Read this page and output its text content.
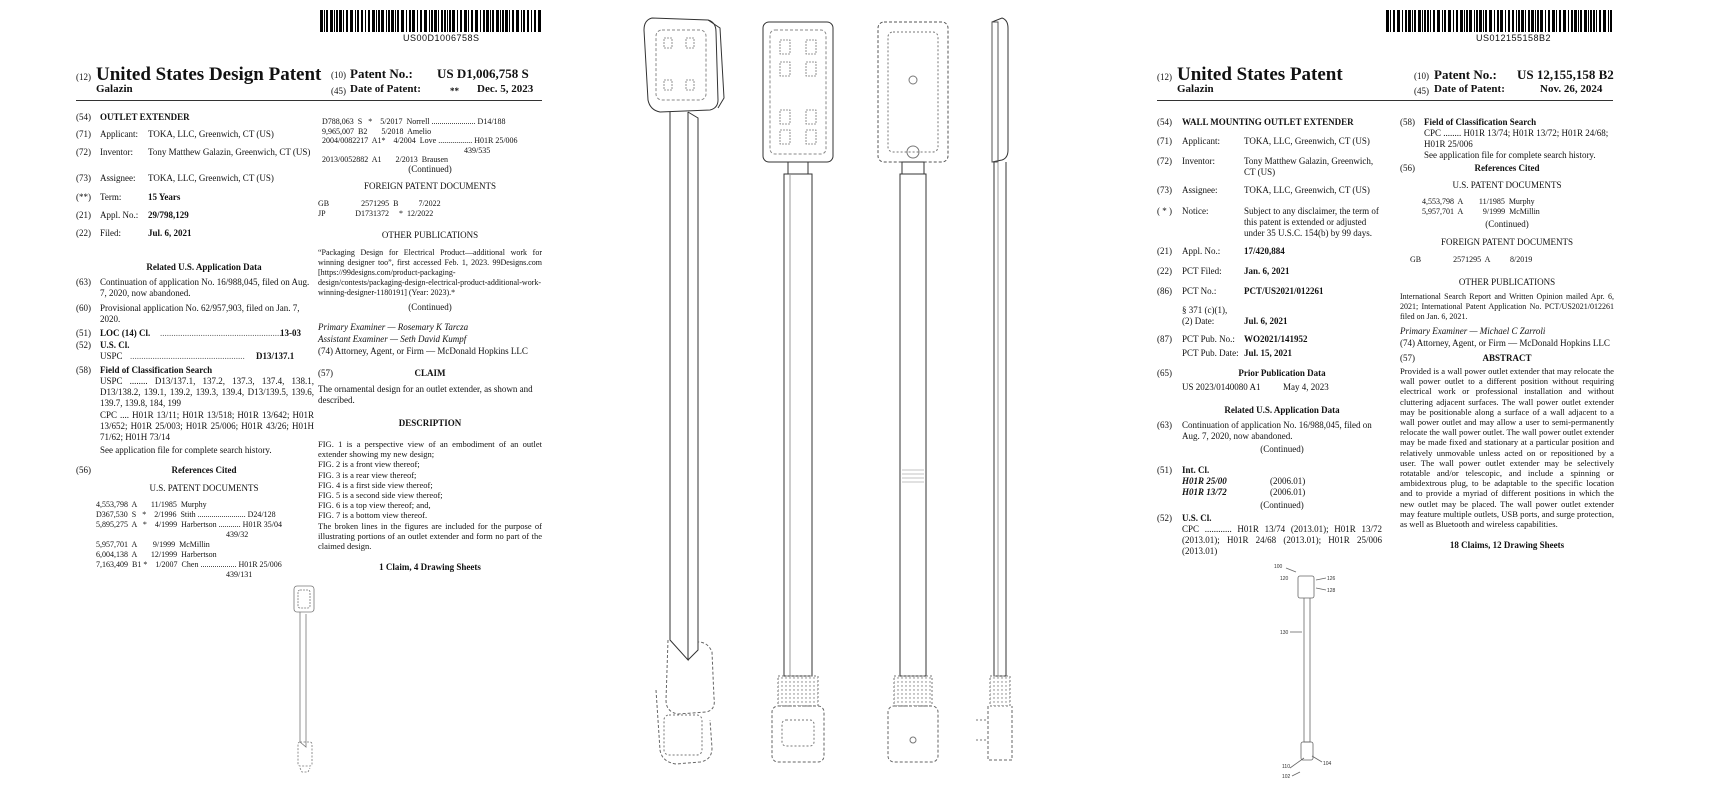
US00D1006758S
(12) United States Design Patent (10) Patent No.: US D1,006,758 S
Galazin	(45) Date of Patent:	** Dec. 5, 2023
(54) OUTLET EXTENDER
(71) Applicant: TOKA, LLC, Greenwich, CT (US)
(72) Inventor: Tony Matthew Galazin, Greenwich, CT (US)
(73) Assignee: TOKA, LLC, Greenwich, CT (US)
(**) Term:	15 Years
(21) Appl. No.: 29/798,129
(22) Filed:	Jul. 6, 2021
Related U.S. Application Data
(63) Continuation of application No. 16/988,045, filed on Aug. 7, 2020, now abandoned.
(60) Provisional application No. 62/957,903, filed on Jan. 7, 2020.
(51) LOC (14) Cl. .......................................................
13-03
(52) U.S. Cl.
USPC ................................................... D13/137.1
(58) Field of Classification Search
USPC ........ D13/137.1, 137.2, 137.3, 137.4, 138.1, D13/138.2, 139.1, 139.2, 139.3, 139.4, D13/139.5, 139.6, 139.7, 139.8, 184, 199
CPC .... H01R 13/11; H01R 13/518; H01R 13/642; H01R 13/652; H01R 25/003; H01R 25/006; H01R 43/26; H01H 71/62; H01H 73/14
See application file for complete search history.
(56)	References Cited
U.S. PATENT DOCUMENTS
4,553,798  A       11/1985  Murphy
D367,530  S   *    2/1996  Stith ........................ D24/128
5,895,275  A   *    4/1999  Harbertson ........... H01R 35/04
439/32
5,957,701  A        9/1999  McMillin
6,004,138  A       12/1999  Harbertson
7,163,409  B1 *    1/2007  Chen .................. H01R 25/006
439/131
D788,063  S   *    5/2017  Norrell ...................... D14/188
9,965,007  B2       5/2018  Amelio
2004/0082217  A1*    4/2004  Love ................. H01R 25/006
439/535
2013/0052882  A1       2/2013  Brausen
(Continued)
FOREIGN PATENT DOCUMENTS
GB                2571295  B          7/2022
JP               D1731372     *  12/2022
OTHER PUBLICATIONS
“Packaging Design for Electrical Product—additional work for winning designer too”, first accessed Feb. 1, 2023. 99Designs.com [https://99designs.com/product-packaging-design/contests/packaging-design-electrical-product-additional-work-winning-designer-1180191] (Year: 2023).*
(Continued)
Primary Examiner — Rosemary K Tarcza
Assistant Examiner — Seth David Kumpf
(74) Attorney, Agent, or Firm — McDonald Hopkins LLC
(57)	CLAIM
The ornamental design for an outlet extender, as shown and described.
DESCRIPTION
FIG. 1 is a perspective view of an embodiment of an outlet extender showing my new design;
FIG. 2 is a front view thereof;
FIG. 3 is a rear view thereof;
FIG. 4 is a first side view thereof;
FIG. 5 is a second side view thereof;
FIG. 6 is a top view thereof; and,
FIG. 7 is a bottom view thereof.
The broken lines in the figures are included for the purpose of illustrating portions of an outlet extender and form no part of the claimed design.
1 Claim, 4 Drawing Sheets
US012155158B2
(12) United States Patent	(10) Patent No.: US 12,155,158 B2
Galazin	(45) Date of Patent:	Nov. 26, 2024
(54) WALL MOUNTING OUTLET EXTENDER
(71) Applicant:	TOKA, LLC, Greenwich, CT (US)
(72) Inventor:	Tony Matthew Galazin, Greenwich, CT (US)
(73) Assignee:	TOKA, LLC, Greenwich, CT (US)
( * ) Notice:	Subject to any disclaimer, the term of this patent is extended or adjusted under 35 U.S.C. 154(b) by 99 days.
(21) Appl. No.:	17/420,884
(22) PCT Filed: Jan. 6, 2021
(86) PCT No.:	PCT/US2021/012261
§ 371 (c)(1),
(2) Date:	Jul. 6, 2021
(87) PCT Pub. No.: WO2021/141952
PCT Pub. Date: Jul. 15, 2021
(65)	Prior Publication Data
US 2023/0140080 A1          May 4, 2023
Related U.S. Application Data
(63) Continuation of application No. 16/988,045, filed on Aug. 7, 2020, now abandoned.
(Continued)
(51) Int. Cl.
H01R 25/00	(2006.01)
H01R 13/72	(2006.01)
(Continued)
(52) U.S. Cl.
CPC ............ H01R 13/74 (2013.01); H01R 13/72 (2013.01); H01R 24/68 (2013.01); H01R 25/006 (2013.01)
(58) Field of Classification Search
CPC ........ H01R 13/74; H01R 13/72; H01R 24/68; H01R 25/006
See application file for complete search history.
(56)	References Cited
U.S. PATENT DOCUMENTS
4,553,798  A        11/1985  Murphy
5,957,701  A          9/1999  McMillin
(Continued)
FOREIGN PATENT DOCUMENTS
GB                2571295  A          8/2019
OTHER PUBLICATIONS
International Search Report and Written Opinion mailed Apr. 6, 2021; International Patent Application No. PCT/US2021/012261 filed on Jan. 6, 2021.
Primary Examiner — Michael C Zarroli
(74) Attorney, Agent, or Firm — McDonald Hopkins LLC
(57)	ABSTRACT
Provided is a wall power outlet extender that may relocate the wall power outlet to a different position without requiring electrical work or professional installation and without cluttering adjacent surfaces. The wall power outlet extender may be positionable along a surface of a wall adjacent to a wall power outlet and may allow a user to semi-permanently relocate the wall power outlet. The wall power outlet extender may be made fixed and stationary at a particular position and relatively unmovable unless acted on or repositioned by a user. The wall power outlet extender may be selectively rotatable and/or telescopic, and include a spinning or ambidextrous plug, to be adaptable to the specific location and to provide a myriad of different positions in which the new outlet may be placed. The wall power outlet extender may feature multiple outlets, USB ports, and surge protection, as well as Bluetooth and wireless capabilities.
18 Claims, 12 Drawing Sheets
100
120	126
128
130
110	104
102
